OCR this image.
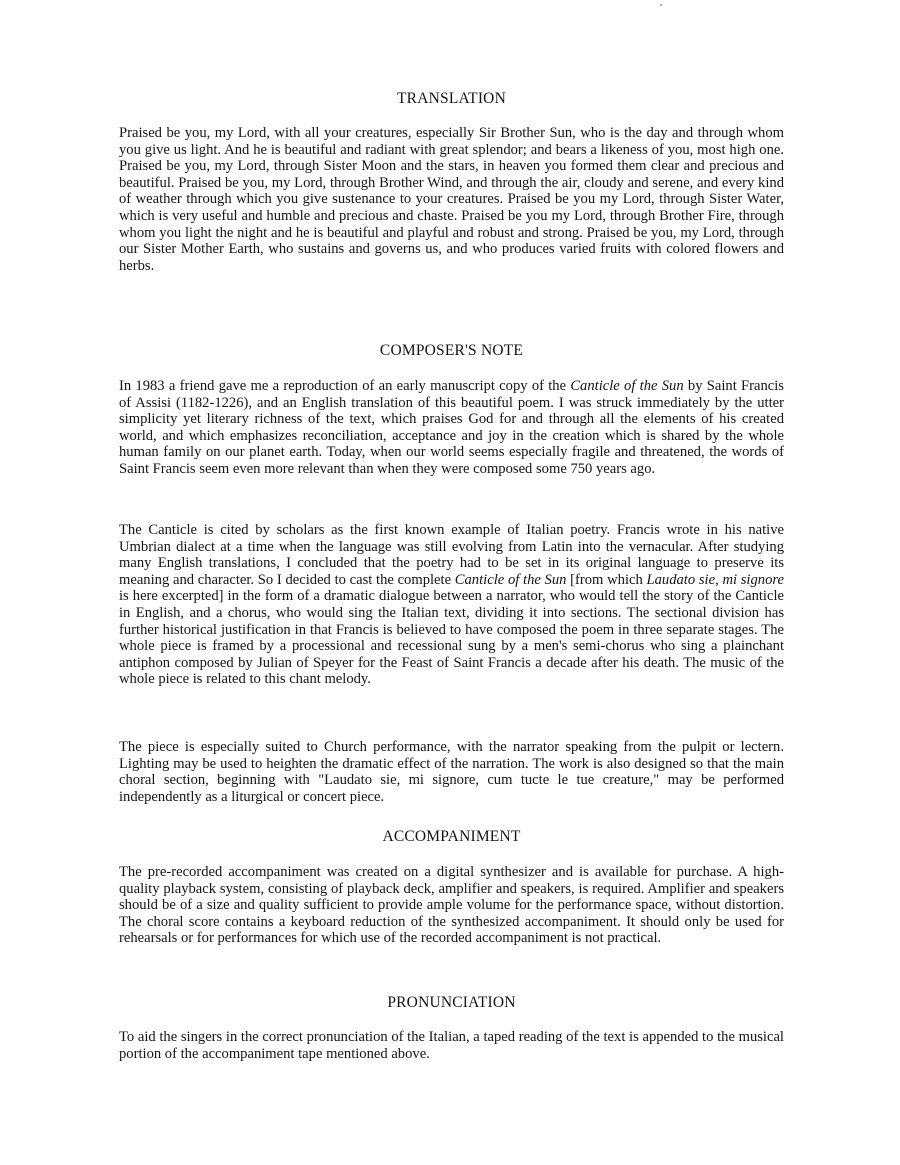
TRANSLATION

Praised be you, my Lord, with all your creatures, especially Sir Brother Sun, who is the day and through whom you give us light. And he is beautiful and radiant with great splendor; and bears a likeness of you, most high one. Praised be you, my Lord, through Sister Moon and the stars, in heaven you formed them clear and precious and beautiful. Praised be you, my Lord, through Brother Wind, and through the air, cloudy and serene, and every kind of weather through which you give sustenance to your creatures. Praised be you my Lord, through Sister Water, which is very useful and humble and precious and chaste. Praised be you my Lord, through Brother Fire, through whom you light the night and he is beautiful and playful and robust and strong. Praised be you, my Lord, through our Sister Mother Earth, who sustains and governs us, and who produces varied fruits with colored flowers and herbs.

COMPOSER'S NOTE

In 1983 a friend gave me a reproduction of an early manuscript copy of the Canticle of the Sun by Saint Francis of Assisi (1182-1226), and an English translation of this beautiful poem. I was struck immediately by the utter simplicity yet literary richness of the text, which praises God for and through all the elements of his created world, and which emphasizes reconciliation, acceptance and joy in the creation which is shared by the whole human family on our planet earth. Today, when our world seems especially fragile and threatened, the words of Saint Francis seem even more relevant than when they were composed some 750 years ago.

The Canticle is cited by scholars as the first known example of Italian poetry. Francis wrote in his native Umbrian dialect at a time when the language was still evolving from Latin into the vernacular. After studying many English translations, I concluded that the poetry had to be set in its original language to preserve its meaning and character. So I decided to cast the complete Canticle of the Sun [from which Laudato sie, mi signore is here excerpted] in the form of a dramatic dialogue between a narrator, who would tell the story of the Canticle in English, and a chorus, who would sing the Italian text, dividing it into sections. The sectional division has further historical justification in that Francis is believed to have composed the poem in three separate stages. The whole piece is framed by a processional and recessional sung by a men's semi-chorus who sing a plainchant antiphon composed by Julian of Speyer for the Feast of Saint Francis a decade after his death. The music of the whole piece is related to this chant melody.

The piece is especially suited to Church performance, with the narrator speaking from the pulpit or lectern. Lighting may be used to heighten the dramatic effect of the narration. The work is also designed so that the main choral section, beginning with "Laudato sie, mi signore, cum tucte le tue creature," may be performed independently as a liturgical or concert piece.

ACCOMPANIMENT

The pre-recorded accompaniment was created on a digital synthesizer and is available for purchase. A high-quality playback system, consisting of playback deck, amplifier and speakers, is required. Amplifier and speakers should be of a size and quality sufficient to provide ample volume for the performance space, without distortion. The choral score contains a keyboard reduction of the synthesized accompaniment. It should only be used for rehearsals or for performances for which use of the recorded accompaniment is not practical.

PRONUNCIATION

To aid the singers in the correct pronunciation of the Italian, a taped reading of the text is appended to the musical portion of the accompaniment tape mentioned above.
